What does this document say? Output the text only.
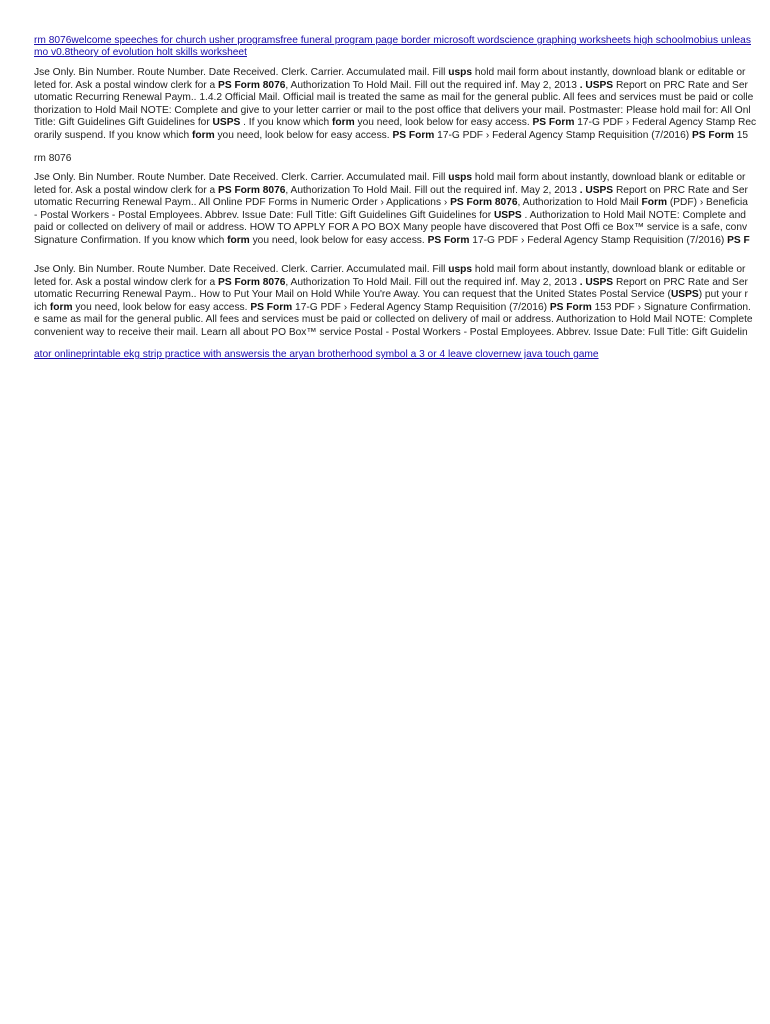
rm 8076welcome speeches for church usher programsfree funeral program page border microsoft wordscience graphing worksheets high schoolmobius unleas
mo v0.8theory of evolution holt skills worksheet
Jse Only. Bin Number. Route Number. Date Received. Clerk. Carrier. Accumulated mail. Fill usps hold mail form about instantly, download blank or editable or
leted for. Ask a postal window clerk for a PS Form 8076, Authorization To Hold Mail. Fill out the required inf. May 2, 2013 . USPS Report on PRC Rate and Ser
utomatic Recurring Renewal Paym.. 1.4.2 Official Mail. Official mail is treated the same as mail for the general public. All fees and services must be paid or colle
thorization to Hold Mail NOTE: Complete and give to your letter carrier or mail to the post office that delivers your mail. Postmaster: Please hold mail for: All Onl
Title: Gift Guidelines Gift Guidelines for USPS . If you know which form you need, look below for easy access. PS Form 17-G PDF › Federal Agency Stamp Rec
orarily suspend. If you know which form you need, look below for easy access. PS Form 17-G PDF › Federal Agency Stamp Requisition (7/2016) PS Form 15
rm 8076
Jse Only. Bin Number. Route Number. Date Received. Clerk. Carrier. Accumulated mail. Fill usps hold mail form about instantly, download blank or editable or
leted for. Ask a postal window clerk for a PS Form 8076, Authorization To Hold Mail. Fill out the required inf. May 2, 2013 . USPS Report on PRC Rate and Ser
utomatic Recurring Renewal Paym.. All Online PDF Forms in Numeric Order › Applications › PS Form 8076, Authorization to Hold Mail Form (PDF) › Beneficia
- Postal Workers - Postal Employees. Abbrev. Issue Date: Full Title: Gift Guidelines Gift Guidelines for USPS . Authorization to Hold Mail NOTE: Complete and
paid or collected on delivery of mail or address. HOW TO APPLY FOR A PO BOX Many people have discovered that Post Offi ce Box™ service is a safe, conv
Signature Confirmation. If you know which form you need, look below for easy access. PS Form 17-G PDF › Federal Agency Stamp Requisition (7/2016) PS F
Jse Only. Bin Number. Route Number. Date Received. Clerk. Carrier. Accumulated mail. Fill usps hold mail form about instantly, download blank or editable or
leted for. Ask a postal window clerk for a PS Form 8076, Authorization To Hold Mail. Fill out the required inf. May 2, 2013 . USPS Report on PRC Rate and Ser
utomatic Recurring Renewal Paym.. How to Put Your Mail on Hold While You're Away. You can request that the United States Postal Service (USPS) put your r
ich form you need, look below for easy access. PS Form 17-G PDF › Federal Agency Stamp Requisition (7/2016) PS Form 153 PDF › Signature Confirmation.
e same as mail for the general public. All fees and services must be paid or collected on delivery of mail or address. Authorization to Hold Mail NOTE: Complete
convenient way to receive their mail. Learn all about PO Box™ service Postal - Postal Workers - Postal Employees. Abbrev. Issue Date: Full Title: Gift Guidelin
ator onlineprintable ekg strip practice with answersis the aryan brotherhood symbol a 3 or 4 leave clovernew java touch game
